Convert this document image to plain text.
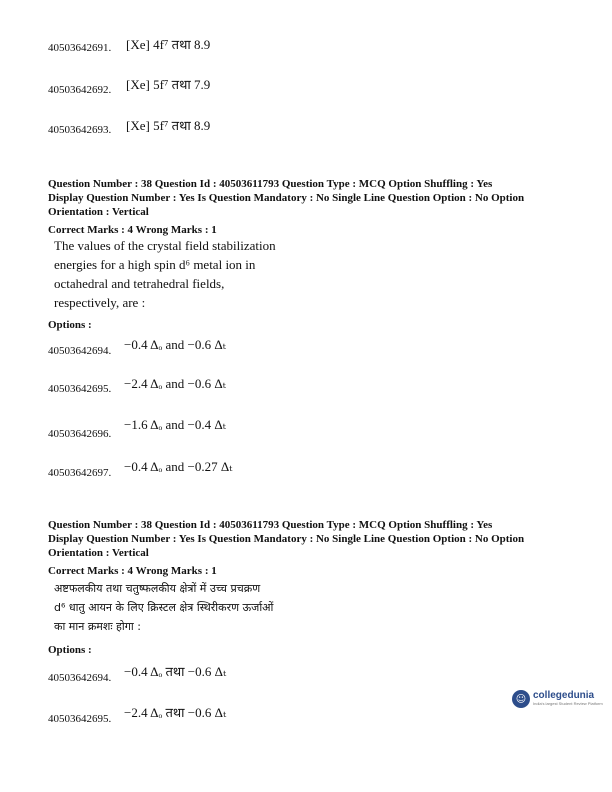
40503642691. [Xe] 4f⁷ तथा 8.9
40503642692. [Xe] 5f⁷ तथा 7.9
40503642693. [Xe] 5f⁷ तथा 8.9
Question Number : 38 Question Id : 40503611793 Question Type : MCQ Option Shuffling : Yes
Display Question Number : Yes Is Question Mandatory : No Single Line Question Option : No Option
Orientation : Vertical
Correct Marks : 4 Wrong Marks : 1
The values of the crystal field stabilization
energies for a high spin d⁶ metal ion in
octahedral and tetrahedral fields,
respectively, are :
Options :
40503642694. −0.4 Δₒ and −0.6 Δₜ
40503642695. −2.4 Δₒ and −0.6 Δₜ
40503642696.
−1.6 Δₒ and −0.4 Δₜ
40503642697. −0.4 Δₒ and −0.27 Δₜ
Question Number : 38 Question Id : 40503611793 Question Type : MCQ Option Shuffling : Yes
Display Question Number : Yes Is Question Mandatory : No Single Line Question Option : No Option
Orientation : Vertical
Correct Marks : 4 Wrong Marks : 1
अष्टफलकीय तथा चतुष्फलकीय क्षेत्रों में उच्च प्रचक्रण
d⁶ धातु आयन के लिए क्रिस्टल क्षेत्र स्थिरीकरण ऊर्जाओं
का मान क्रमशः होगा :
Options :
40503642694. −0.4 Δₒ तथा −0.6 Δₜ
40503642695. −2.4 Δₒ तथा −0.6 Δₜ
☺ collegedunia
India's largest Student Review Platform
